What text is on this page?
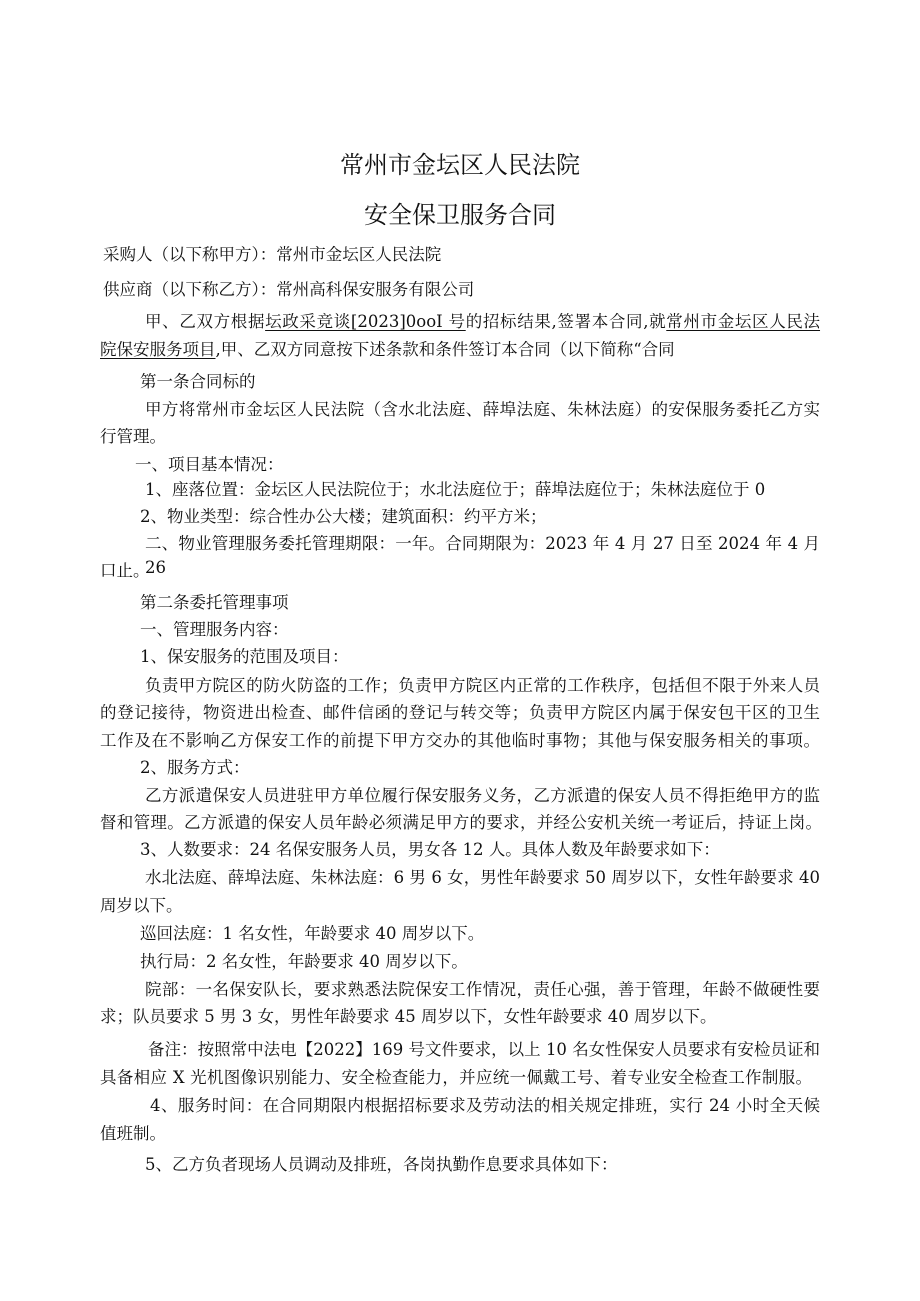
常州市金坛区人民法院
安全保卫服务合同
采购人（以下称甲方）：常州市金坛区人民法院
供应商（以下称乙方）：常州高科保安服务有限公司
甲、乙双方根据坛政采竞谈[2023]0ooI 号的招标结果,签署本合同,就常州市金坛区人民法
院保安服务项目,甲、乙双方同意按下述条款和条件签订本合同（以下简称“合同
第一条合同标的
甲方将常州市金坛区人民法院（含水北法庭、薛埠法庭、朱林法庭）的安保服务委托乙方实
行管理。
一、项目基本情况：
1、座落位置：金坛区人民法院位于；水北法庭位于；薛埠法庭位于；朱林法庭位于 0
2、物业类型：综合性办公大楼；建筑面积：约平方米；
二、物业管理服务委托管理期限：一年。合同期限为：2023 年 4 月 27 日至 2024 年 4 月 26
口止。
第二条委托管理事项
一、管理服务内容：
1、保安服务的范围及项目：
负责甲方院区的防火防盗的工作；负责甲方院区内正常的工作秩序，包括但不限于外来人员
的登记接待，物资进出检查、邮件信函的登记与转交等；负责甲方院区内属于保安包干区的卫生
工作及在不影响乙方保安工作的前提下甲方交办的其他临时事物；其他与保安服务相关的事项。
2、服务方式：
乙方派遣保安人员进驻甲方单位履行保安服务义务，乙方派遣的保安人员不得拒绝甲方的监
督和管理。乙方派遣的保安人员年龄必须满足甲方的要求，并经公安机关统一考证后，持证上岗。
3、人数要求：24 名保安服务人员，男女各 12 人。具体人数及年龄要求如下：
水北法庭、薛埠法庭、朱林法庭：6 男 6 女，男性年龄要求 50 周岁以下，女性年龄要求 40
周岁以下。
巡回法庭：1 名女性，年龄要求 40 周岁以下。
执行局：2 名女性，年龄要求 40 周岁以下。
院部：一名保安队长，要求熟悉法院保安工作情况，责任心强，善于管理，年龄不做硬性要
求；队员要求 5 男 3 女，男性年龄要求 45 周岁以下，女性年龄要求 40 周岁以下。
备注：按照常中法电【2022】169 号文件要求，以上 10 名女性保安人员要求有安检员证和
具备相应 X 光机图像识别能力、安全检查能力，并应统一佩戴工号、着专业安全检查工作制服。
4、服务时间：在合同期限内根据招标要求及劳动法的相关规定排班，实行 24 小时全天候
值班制。
5、乙方负者现场人员调动及排班，各岗执勤作息要求具体如下：
